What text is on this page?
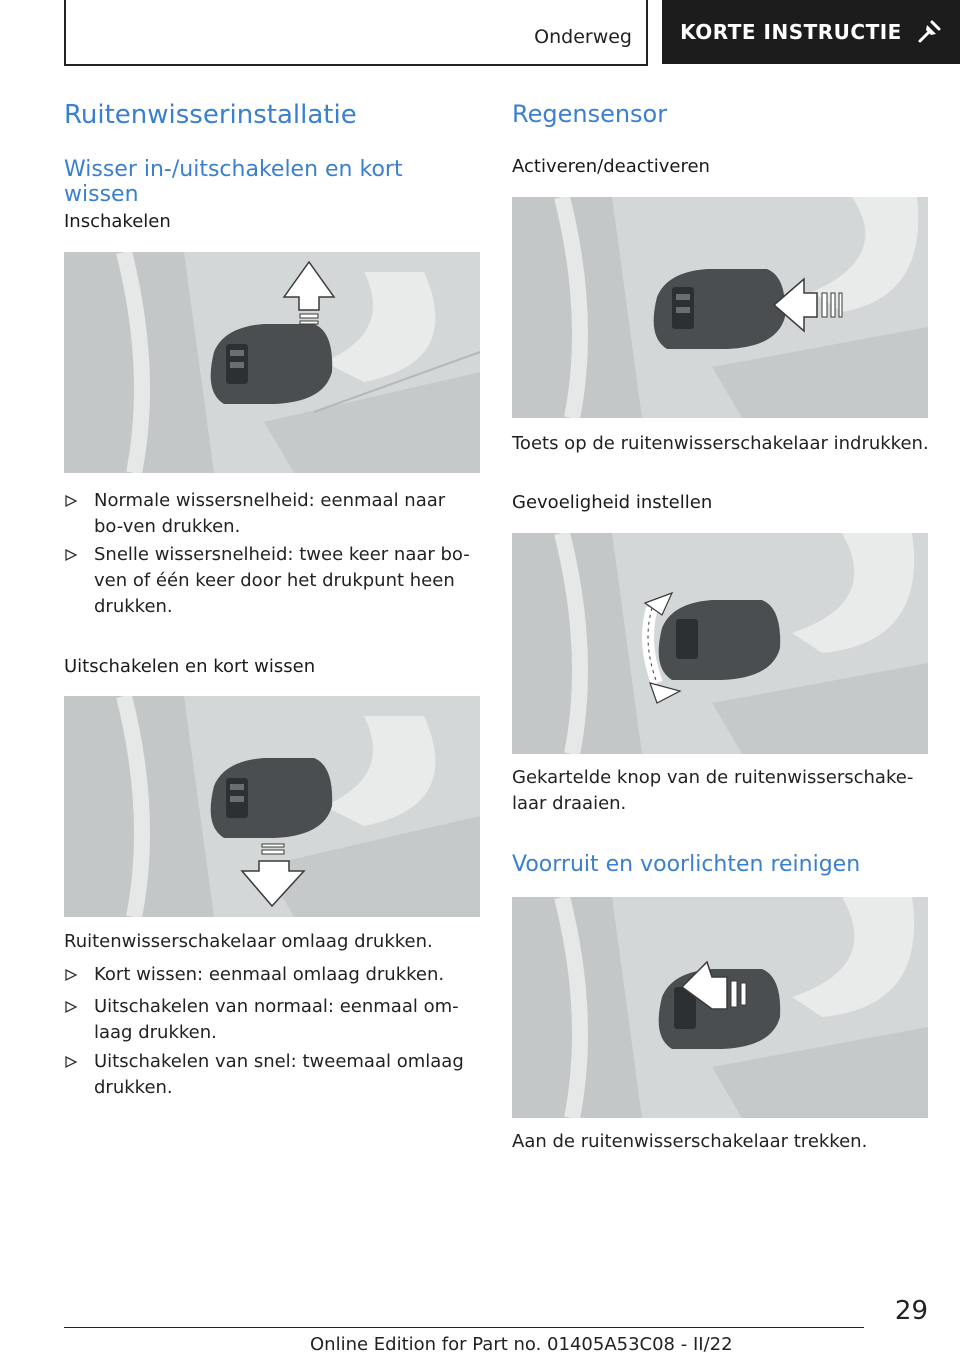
Onderweg KORTE INSTRUCTIE
Ruitenwisserinstallatie
Wisser in-/uitschakelen en kort wissen
Inschakelen
Normale wissersnelheid: eenmaal naar bo-ven drukken.
Snelle wissersnelheid: twee keer naar bo-ven of één keer door het drukpunt heen drukken.
Uitschakelen en kort wissen
Ruitenwisserschakelaar omlaag drukken.
Kort wissen: eenmaal omlaag drukken.
Uitschakelen van normaal: eenmaal om-laag drukken.
Uitschakelen van snel: tweemaal omlaag drukken.
Regensensor
Activeren/deactiveren
Toets op de ruitenwisserschakelaar indrukken.
Gevoeligheid instellen
Gekartelde knop van de ruitenwisserschake-laar draaien.
Voorruit en voorlichten reinigen
Aan de ruitenwisserschakelaar trekken.
29
Online Edition for Part no. 01405A53C08 - II/22
